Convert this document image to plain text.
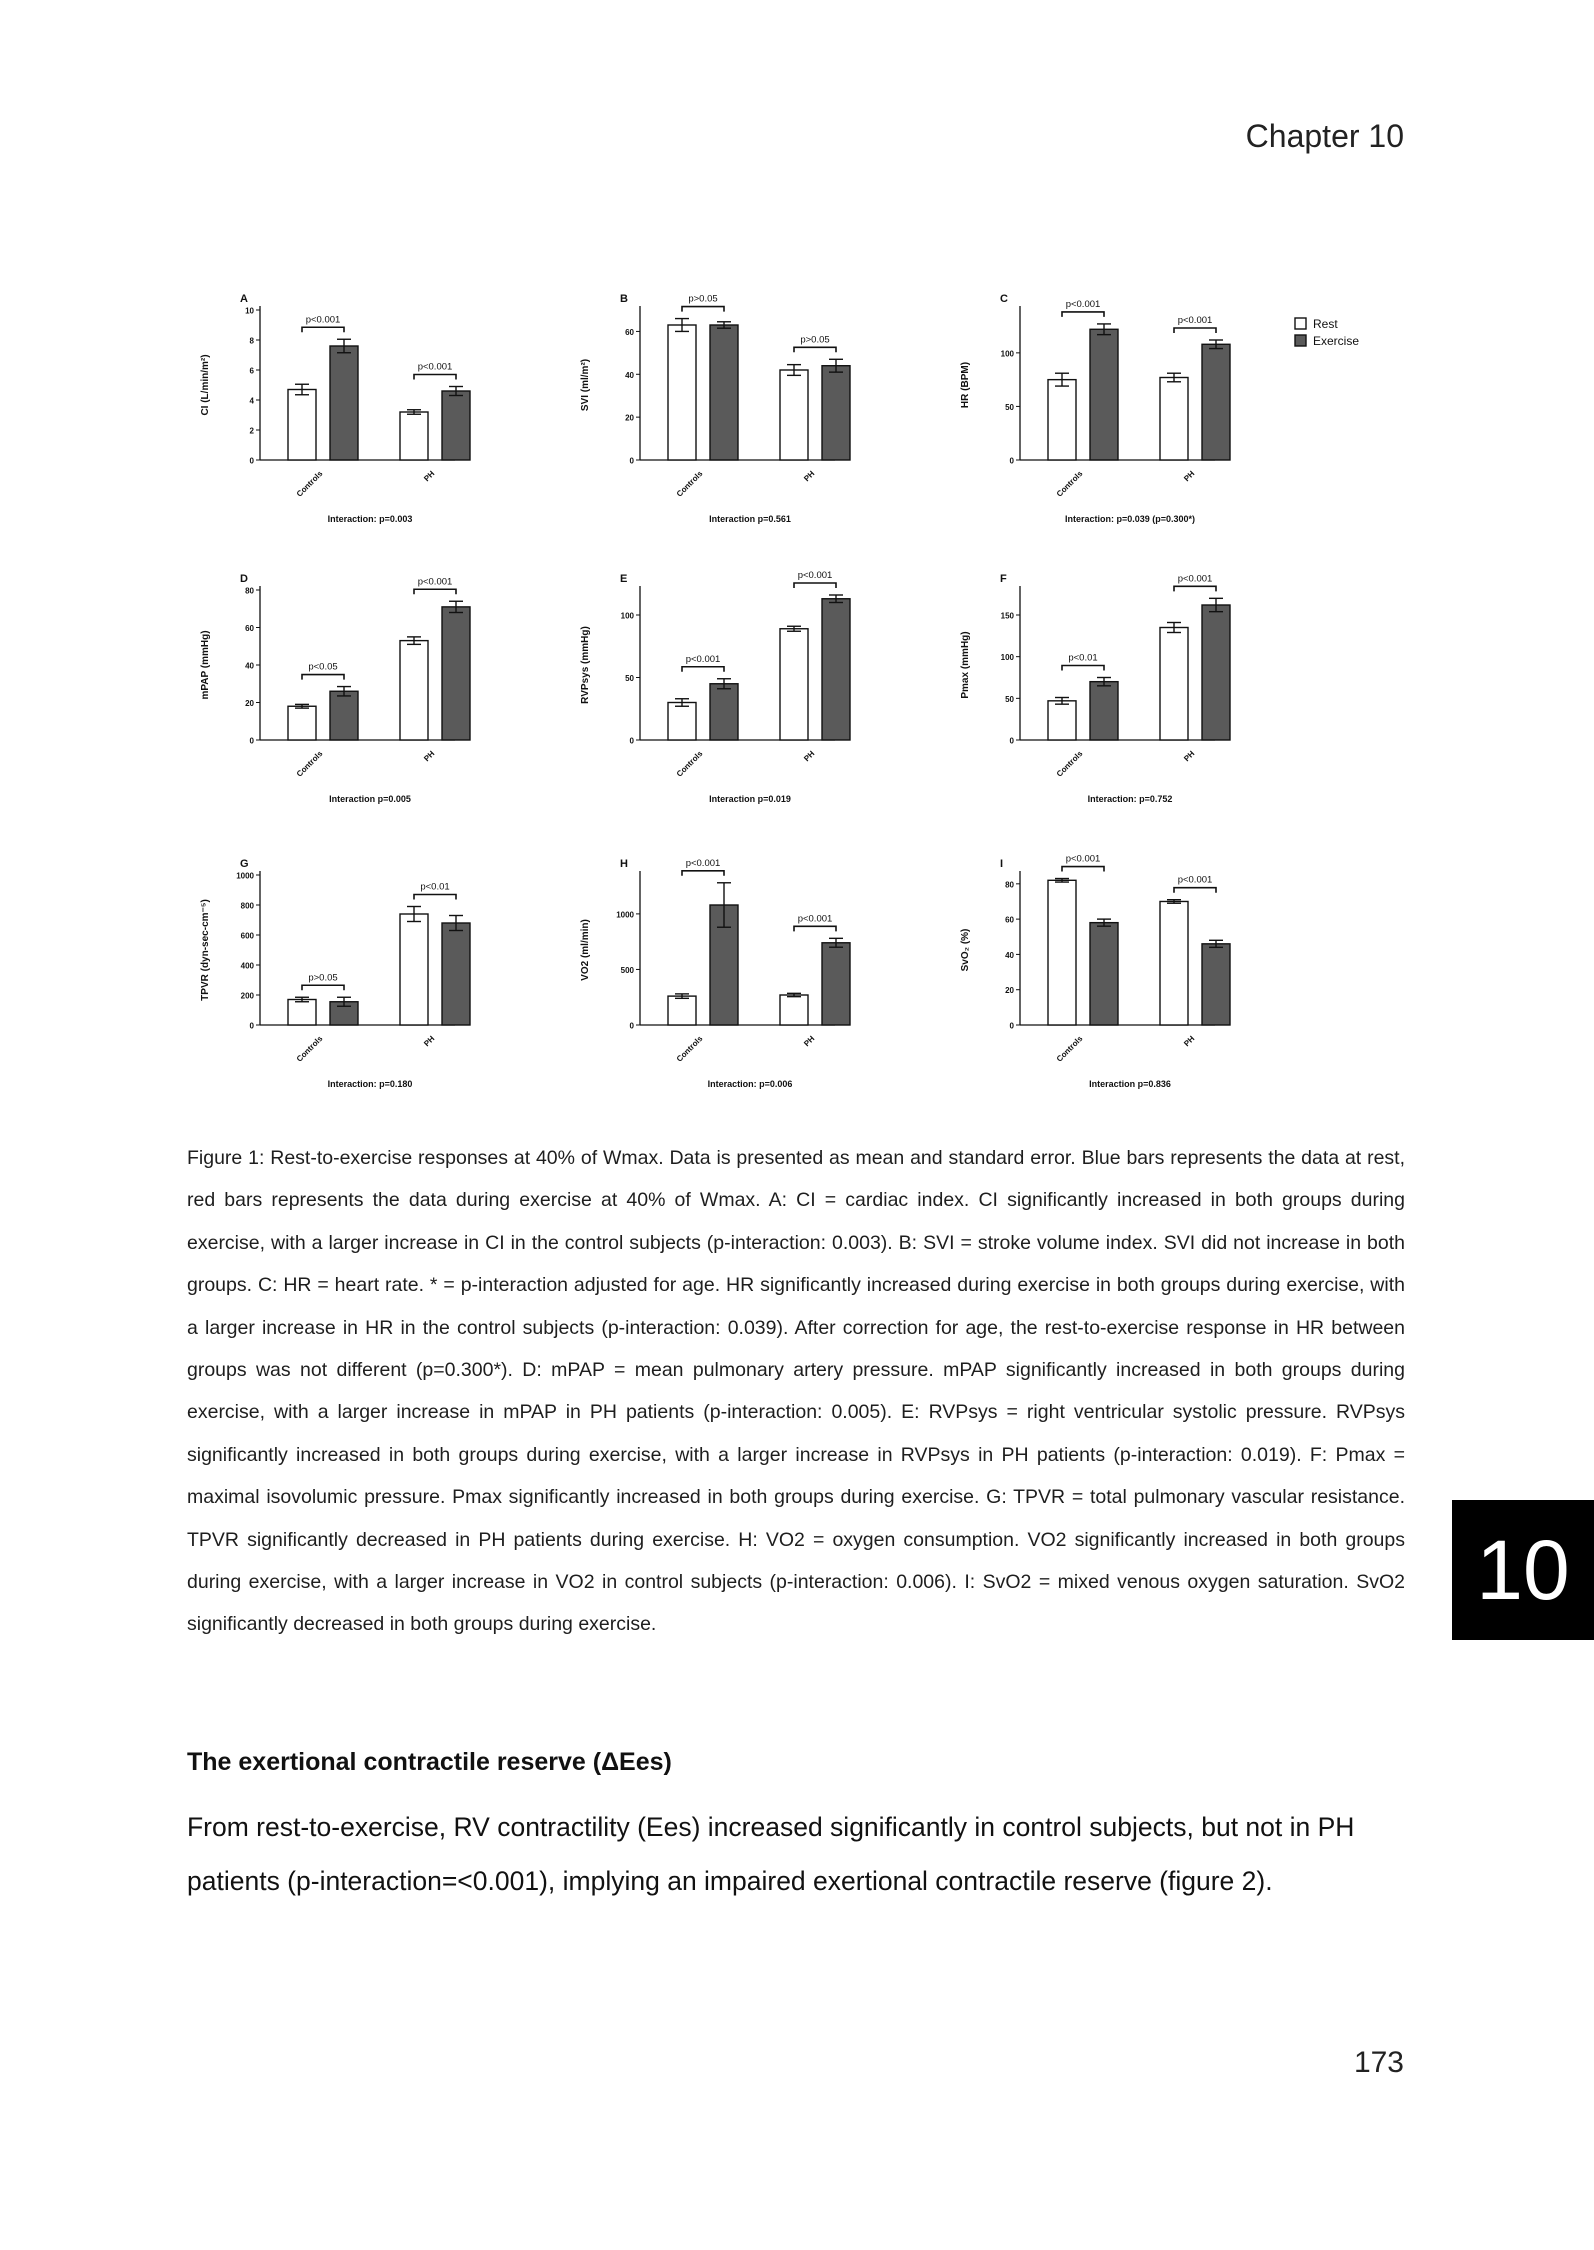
Chapter 10
A
CI (L/min/m²)
0
2
4
6
8
10
Controls
p<0.001
PH
p<0.001
Interaction: p=0.003
B
SVI (ml/m²)
0
20
40
60
Controls
p>0.05
PH
p>0.05
Interaction p=0.561
C
HR (BPM)
0
50
100
Controls
p<0.001
PH
p<0.001
Interaction: p=0.039 (p=0.300*)
D
mPAP (mmHg)
0
20
40
60
80
Controls
p<0.05
PH
p<0.001
Interaction p=0.005
E
RVPsys (mmHg)
0
50
100
Controls
p<0.001
PH
p<0.001
Interaction p=0.019
F
Pmax (mmHg)
0
50
100
150
Controls
p<0.01
PH
p<0.001
Interaction: p=0.752
G
TPVR (dyn-sec-cm⁻⁵)
0
200
400
600
800
1000
Controls
p>0.05
PH
p<0.01
Interaction: p=0.180
H
VO2 (ml/min)
0
500
1000
Controls
p<0.001
PH
p<0.001
Interaction: p=0.006
I
SvO₂ (%)
0
20
40
60
80
Controls
p<0.001
PH
p<0.001
Interaction p=0.836
Rest
Exercise

Figure 1: Rest-to-exercise responses at 40% of Wmax. Data is presented as mean and standard error. Blue bars represents the data at rest, red bars represents the data during exercise at 40% of Wmax. A: CI = cardiac index. CI significantly increased in both groups during exercise, with a larger increase in CI in the control subjects (p-interaction: 0.003). B: SVI = stroke volume index. SVI did not increase in both groups. C: HR = heart rate. * = p-interaction adjusted for age. HR significantly increased during exercise in both groups during exercise, with a larger increase in HR in the control subjects (p-interaction: 0.039). After correction for age, the rest-to-exercise response in HR between groups was not different (p=0.300*). D: mPAP = mean pulmonary artery pressure. mPAP significantly increased in both groups during exercise, with a larger increase in mPAP in PH patients (p-interaction: 0.005). E: RVPsys = right ventricular systolic pressure. RVPsys significantly increased in both groups during exercise, with a larger increase in RVPsys in PH patients (p-interaction: 0.019). F: Pmax = maximal isovolumic pressure. Pmax significantly increased in both groups during exercise. G: TPVR = total pulmonary vascular resistance. TPVR significantly decreased in PH patients during exercise. H: VO2 = oxygen consumption. VO2 significantly increased in both groups during exercise, with a larger increase in VO2 in control subjects (p-interaction: 0.006). I: SvO2 = mixed venous oxygen saturation. SvO2 significantly decreased in both groups during exercise.

The exertional contractile reserve (ΔEes)

From rest-to-exercise, RV contractility (Ees) increased significantly in control subjects, but not in PH patients (p-interaction=<0.001), implying an impaired exertional contractile reserve (figure 2).

10
173
